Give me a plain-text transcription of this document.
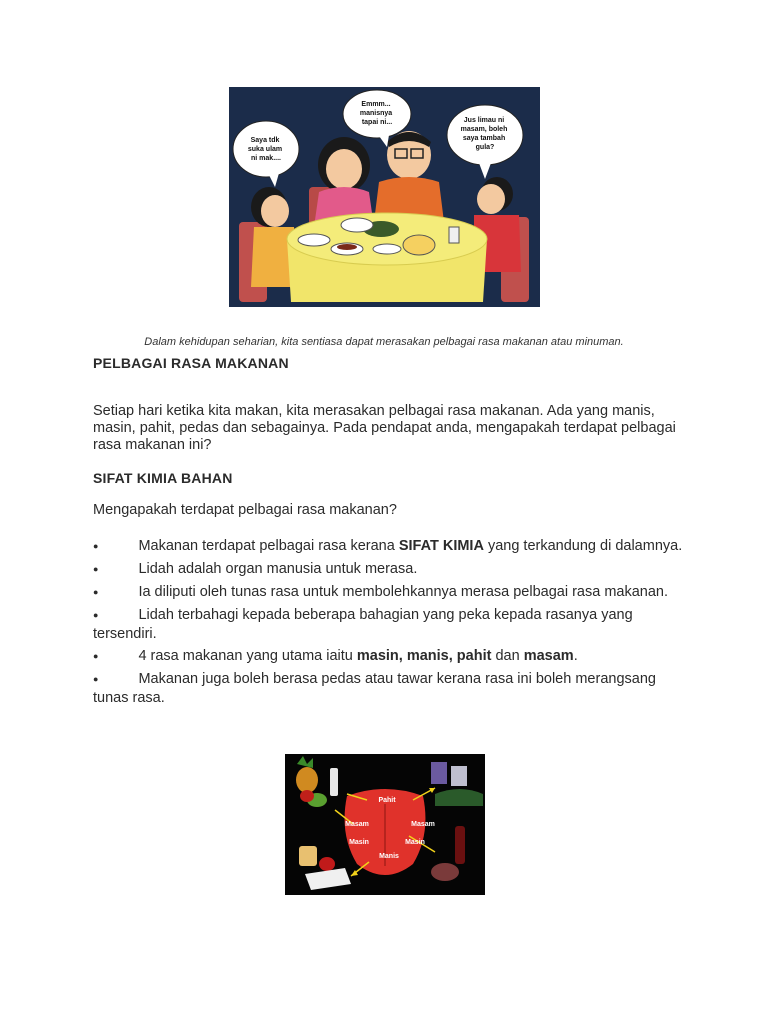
Saya tdk suka ulam ni mak....
Emmm... manisnya tapai ni...	Jus limau ni masam, boleh saya tambah gula?
Dalam kehidupan seharian, kita sentiasa dapat merasakan pelbagai rasa makanan atau minuman.
PELBAGAI RASA MAKANAN
Setiap hari ketika kita makan, kita merasakan pelbagai rasa makanan. Ada yang manis, masin, pahit, pedas dan sebagainya. Pada pendapat anda, mengapakah terdapat pelbagai rasa makanan ini?
SIFAT KIMIA BAHAN
Mengapakah terdapat pelbagai rasa makanan?
●	Makanan terdapat pelbagai rasa kerana SIFAT KIMIA yang terkandung di dalamnya.
●	Lidah adalah organ manusia untuk merasa.
●	Ia diliputi oleh tunas rasa untuk membolehkannya merasa pelbagai rasa makanan.
●	Lidah terbahagi kepada beberapa bahagian yang peka kepada rasanya yang tersendiri.
●	4 rasa makanan yang utama iaitu masin, manis, pahit dan masam.
●	Makanan juga boleh berasa pedas atau tawar kerana rasa ini boleh merangsang tunas rasa.
Pahit
Masam	Masam
Masin	Masin
Manis
